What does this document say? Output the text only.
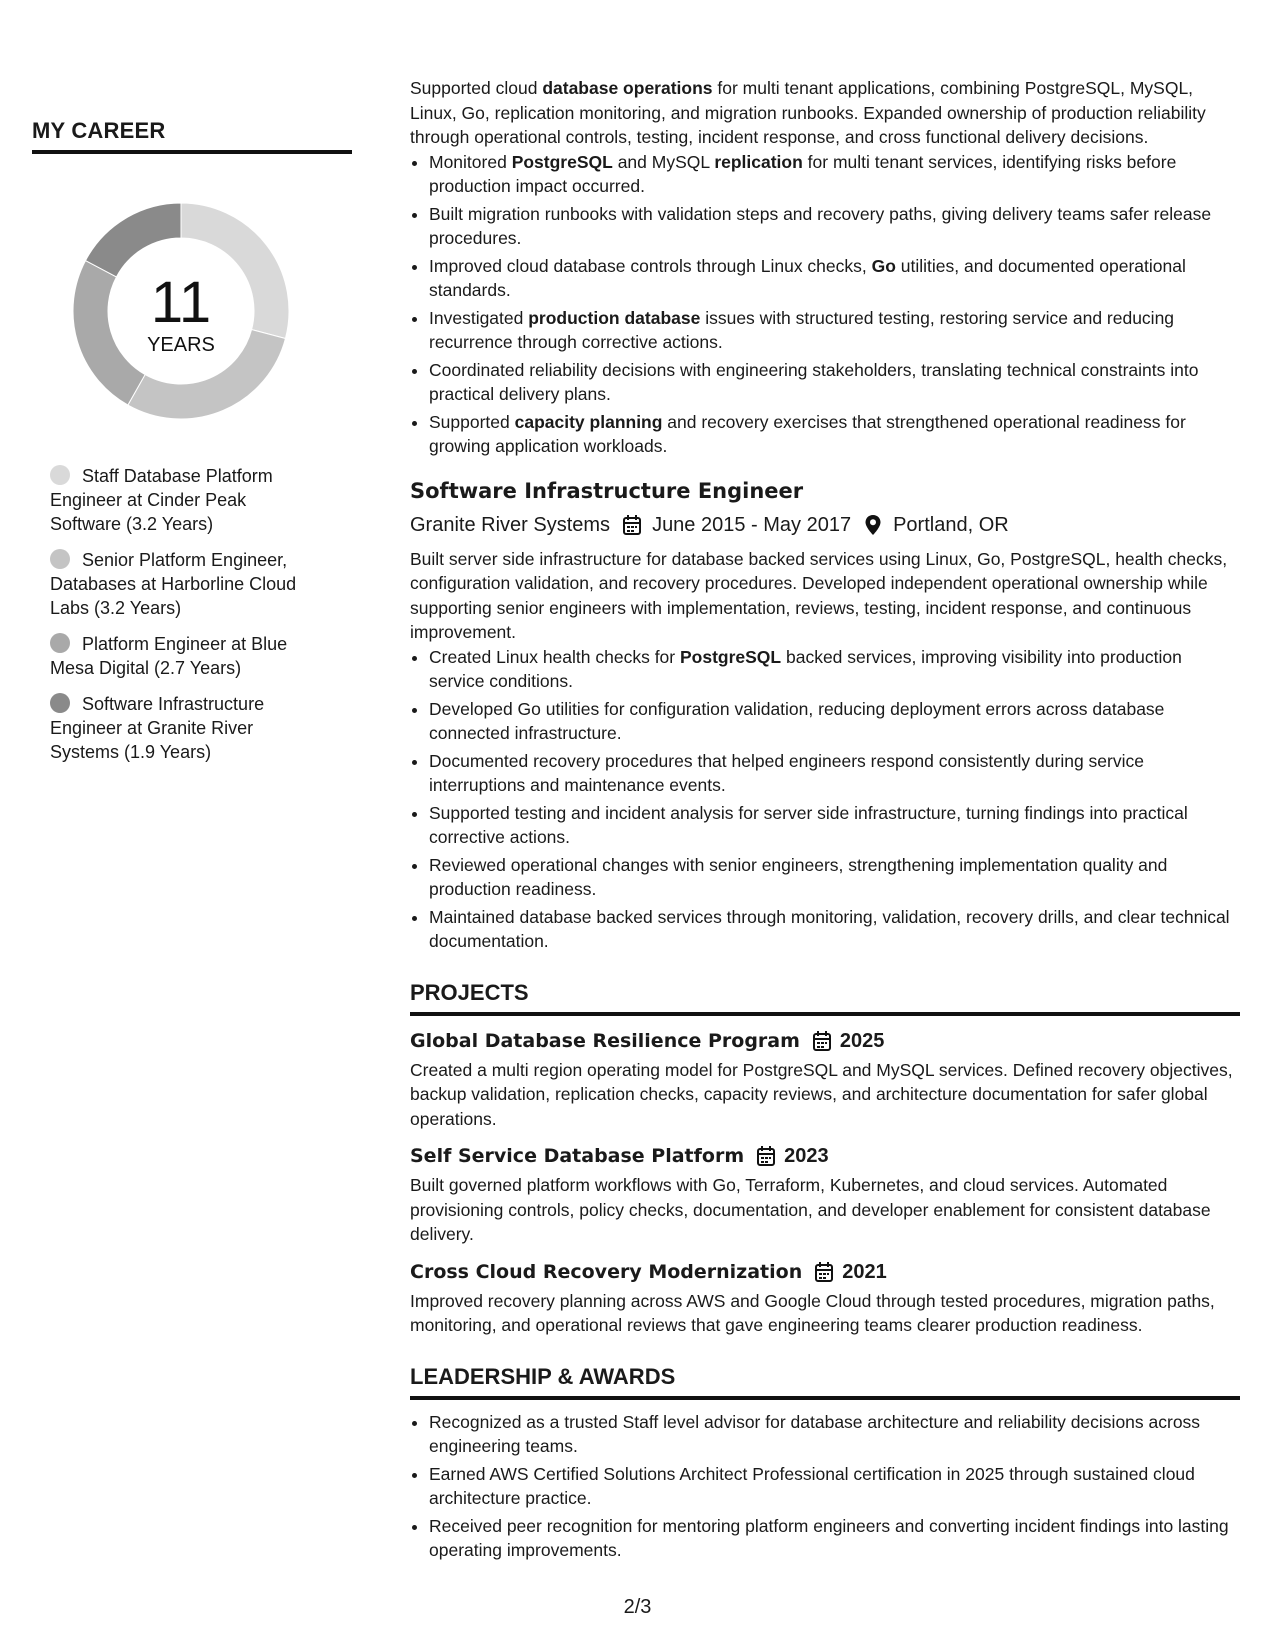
MY CAREER
11
YEARS
Staff Database Platform Engineer at Cinder Peak Software (3.2 Years)
Senior Platform Engineer, Databases at Harborline Cloud Labs (3.2 Years)
Platform Engineer at Blue Mesa Digital (2.7 Years)
Software Infrastructure Engineer at Granite River Systems (1.9 Years)

Supported cloud database operations for multi tenant applications, combining PostgreSQL, MySQL, Linux, Go, replication monitoring, and migration runbooks. Expanded ownership of production reliability through operational controls, testing, incident response, and cross functional delivery decisions.

• Monitored PostgreSQL and MySQL replication for multi tenant services, identifying risks before production impact occurred.
• Built migration runbooks with validation steps and recovery paths, giving delivery teams safer release procedures.
• Improved cloud database controls through Linux checks, Go utilities, and documented operational standards.
• Investigated production database issues with structured testing, restoring service and reducing recurrence through corrective actions.
• Coordinated reliability decisions with engineering stakeholders, translating technical constraints into practical delivery plans.
• Supported capacity planning and recovery exercises that strengthened operational readiness for growing application workloads.
Software Infrastructure Engineer
Granite River Systems June 2015 - May 2017 Portland, OR

Built server side infrastructure for database backed services using Linux, Go, PostgreSQL, health checks, configuration validation, and recovery procedures. Developed independent operational ownership while supporting senior engineers with implementation, reviews, testing, incident response, and continuous improvement.

• Created Linux health checks for PostgreSQL backed services, improving visibility into production service conditions.
• Developed Go utilities for configuration validation, reducing deployment errors across database connected infrastructure.
• Documented recovery procedures that helped engineers respond consistently during service interruptions and maintenance events.
• Supported testing and incident analysis for server side infrastructure, turning findings into practical corrective actions.
• Reviewed operational changes with senior engineers, strengthening implementation quality and production readiness.
• Maintained database backed services through monitoring, validation, recovery drills, and clear technical documentation.
PROJECTS
Global Database Resilience Program 2025

Created a multi region operating model for PostgreSQL and MySQL services. Defined recovery objectives, backup validation, replication checks, capacity reviews, and architecture documentation for safer global operations.

Self Service Database Platform 2023

Built governed platform workflows with Go, Terraform, Kubernetes, and cloud services. Automated provisioning controls, policy checks, documentation, and developer enablement for consistent database delivery.

Cross Cloud Recovery Modernization 2021

Improved recovery planning across AWS and Google Cloud through tested procedures, migration paths, monitoring, and operational reviews that gave engineering teams clearer production readiness.

LEADERSHIP & AWARDS
• Recognized as a trusted Staff level advisor for database architecture and reliability decisions across engineering teams.
• Earned AWS Certified Solutions Architect Professional certification in 2025 through sustained cloud architecture practice.
• Received peer recognition for mentoring platform engineers and converting incident findings into lasting operating improvements.
2/3
